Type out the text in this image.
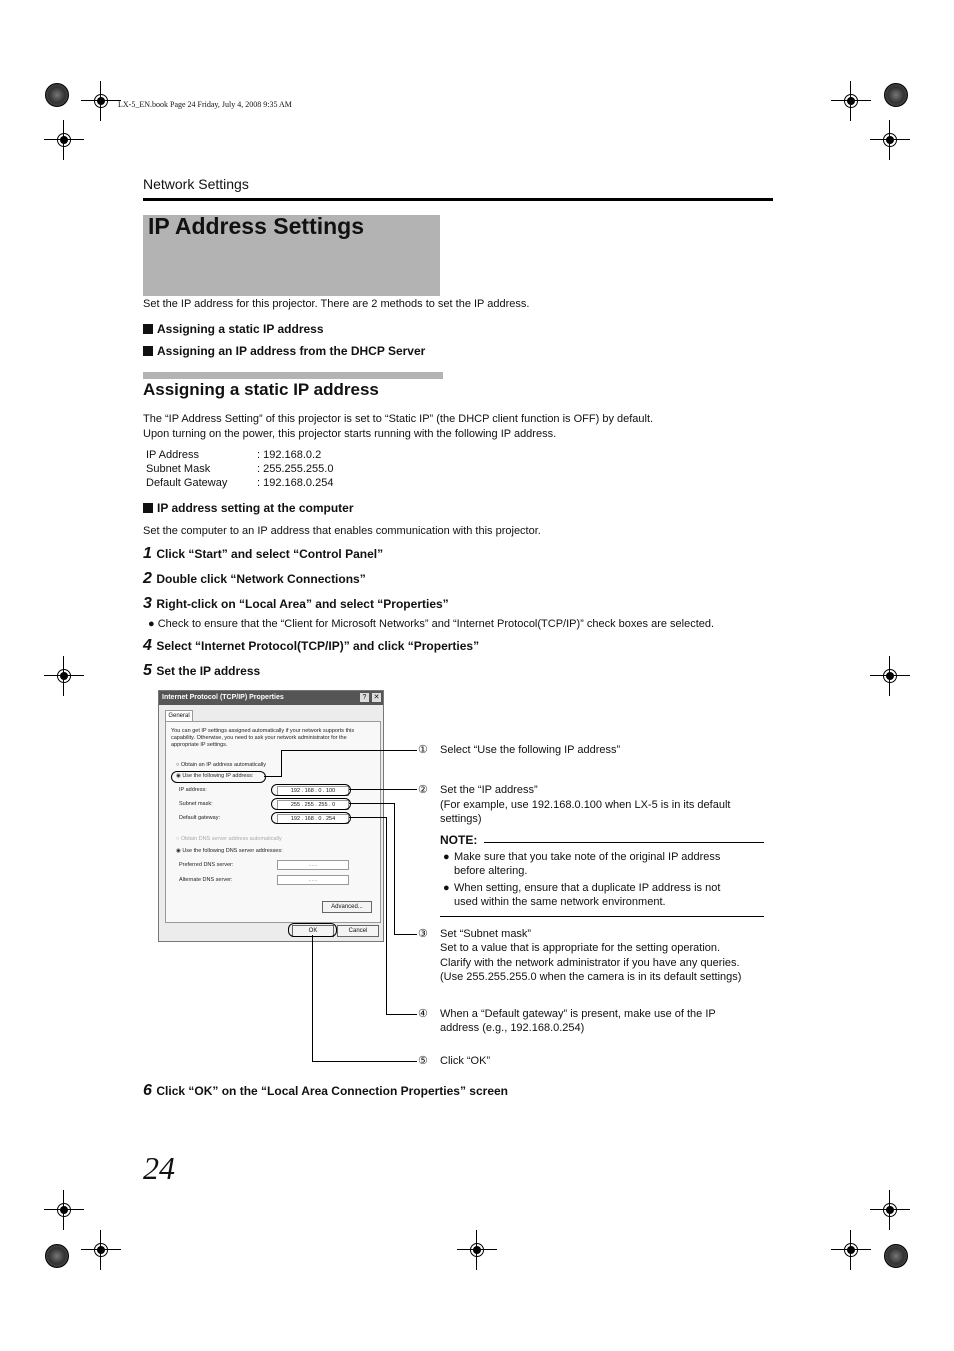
LX-5_EN.book Page 24 Friday, July 4, 2008 9:35 AM
Network Settings
IP Address Settings
Set the IP address for this projector. There are 2 methods to set the IP address.
Assigning a static IP address
Assigning an IP address from the DHCP Server
Assigning a static IP address
The “IP Address Setting” of this projector is set to “Static IP” (the DHCP client function is OFF) by default.
Upon turning on the power, this projector starts running with the following IP address.
IP Address	: 192.168.0.2
Subnet Mask	: 255.255.255.0
Default Gateway	: 192.168.0.254
IP address setting at the computer
Set the computer to an IP address that enables communication with this projector.
1 Click “Start” and select “Control Panel”
2 Double click “Network Connections”
3 Right-click on “Local Area” and select “Properties”
● Check to ensure that the “Client for Microsoft Networks” and “Internet Protocol(TCP/IP)” check boxes are selected.
4 Select “Internet Protocol(TCP/IP)” and click “Properties”
5 Set the IP address
Internet Protocol (TCP/IP) Properties	?	✕
General
You can get IP settings assigned automatically if your network supports this capability. Otherwise, you need to ask your network administrator for the appropriate IP settings.
○ Obtain an IP address automatically
◉ Use the following IP address:
IP address:	192 . 168 . 0 . 100
Subnet mask:	255 . 255 . 255 . 0
Default gateway:	192 . 168 . 0 . 254
○ Obtain DNS server address automatically
◉ Use the following DNS server addresses:
Preferred DNS server:	. . .
Alternate DNS server:	. . .
Advanced...
OK	Cancel
① Select “Use the following IP address”
② Set the “IP address”
(For example, use 192.168.0.100 when LX-5 is in its default
settings)
NOTE:
● Make sure that you take note of the original IP address
before altering.
● When setting, ensure that a duplicate IP address is not
used within the same network environment.
③ Set “Subnet mask”
Set to a value that is appropriate for the setting operation.
Clarify with the network administrator if you have any queries.
(Use 255.255.255.0 when the camera is in its default settings)
④ When a “Default gateway” is present, make use of the IP
address (e.g., 192.168.0.254)
⑤ Click “OK”
6 Click “OK” on the “Local Area Connection Properties” screen
24
